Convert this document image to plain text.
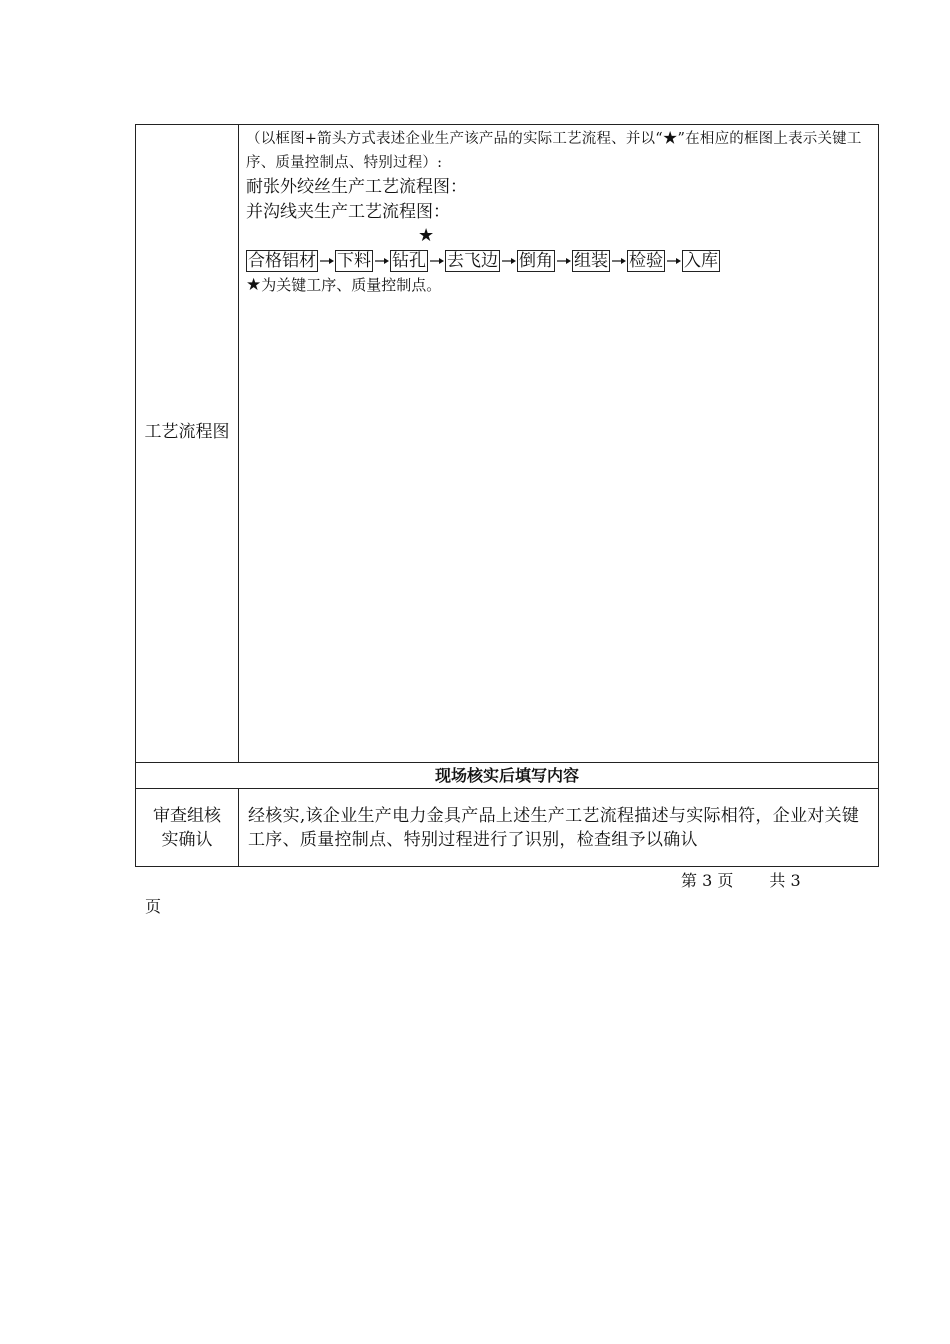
工艺流程图
（以框图+箭头方式表述企业生产该产品的实际工艺流程、并以“★”在相应的框图上表示关键工序、质量控制点、特别过程）:
耐张外绞丝生产工艺流程图：
并沟线夹生产工艺流程图：
★
合格铝材 下料 钻孔 去飞边 倒角 组装 检验 入库
★为关键工序、质量控制点。
现场核实后填写内容
审查组核实确认
经核实,该企业生产电力金具产品上述生产工艺流程描述与实际相符，企业对关键工序、质量控制点、特别过程进行了识别，检查组予以确认
第 3 页 共 3
页
